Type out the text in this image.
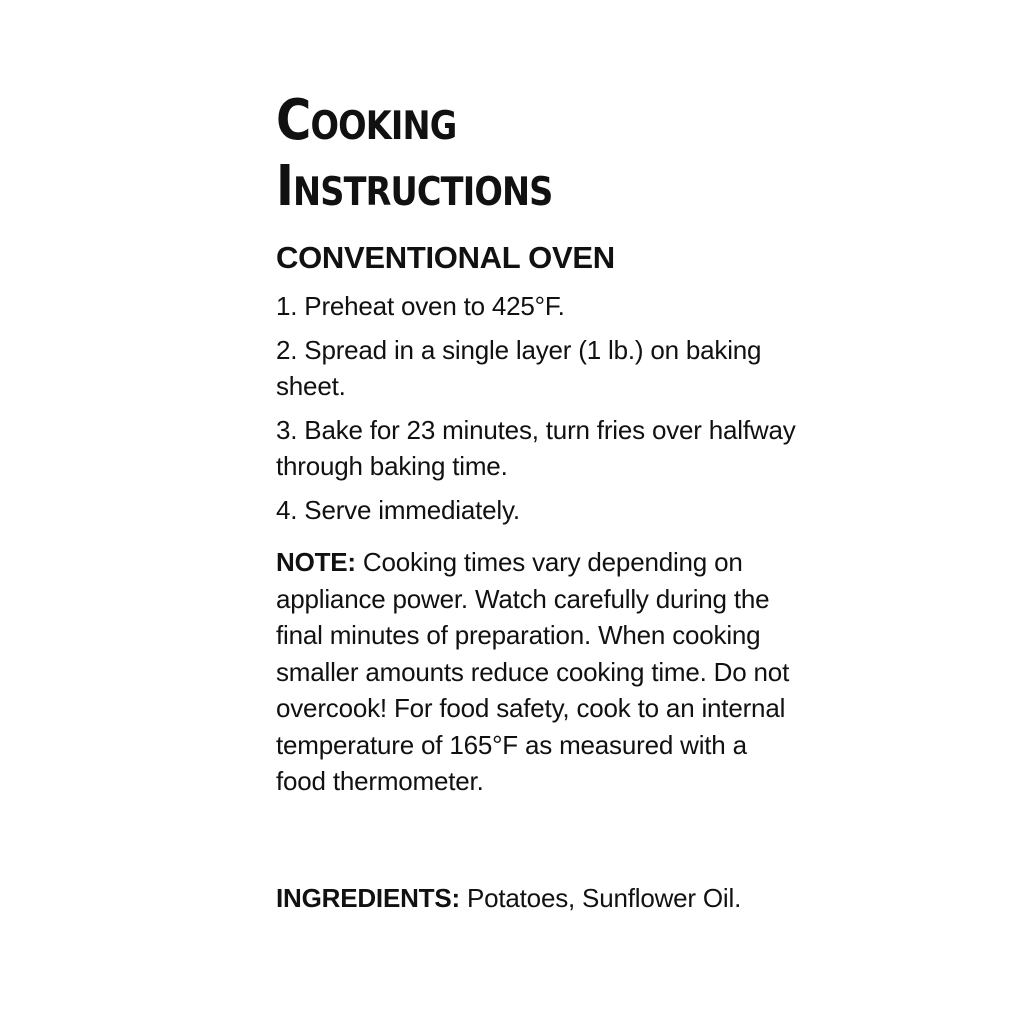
Cooking
Instructions
CONVENTIONAL OVEN
1. Preheat oven to 425°F.
2. Spread in a single layer (1 lb.) on baking sheet.
3. Bake for 23 minutes, turn fries over halfway through baking time.
4. Serve immediately.
NOTE: Cooking times vary depending on appliance power. Watch carefully during the final minutes of preparation. When cooking smaller amounts reduce cooking time. Do not overcook! For food safety, cook to an internal temperature of 165°F as measured with a food thermometer.
INGREDIENTS: Potatoes, Sunflower Oil.
